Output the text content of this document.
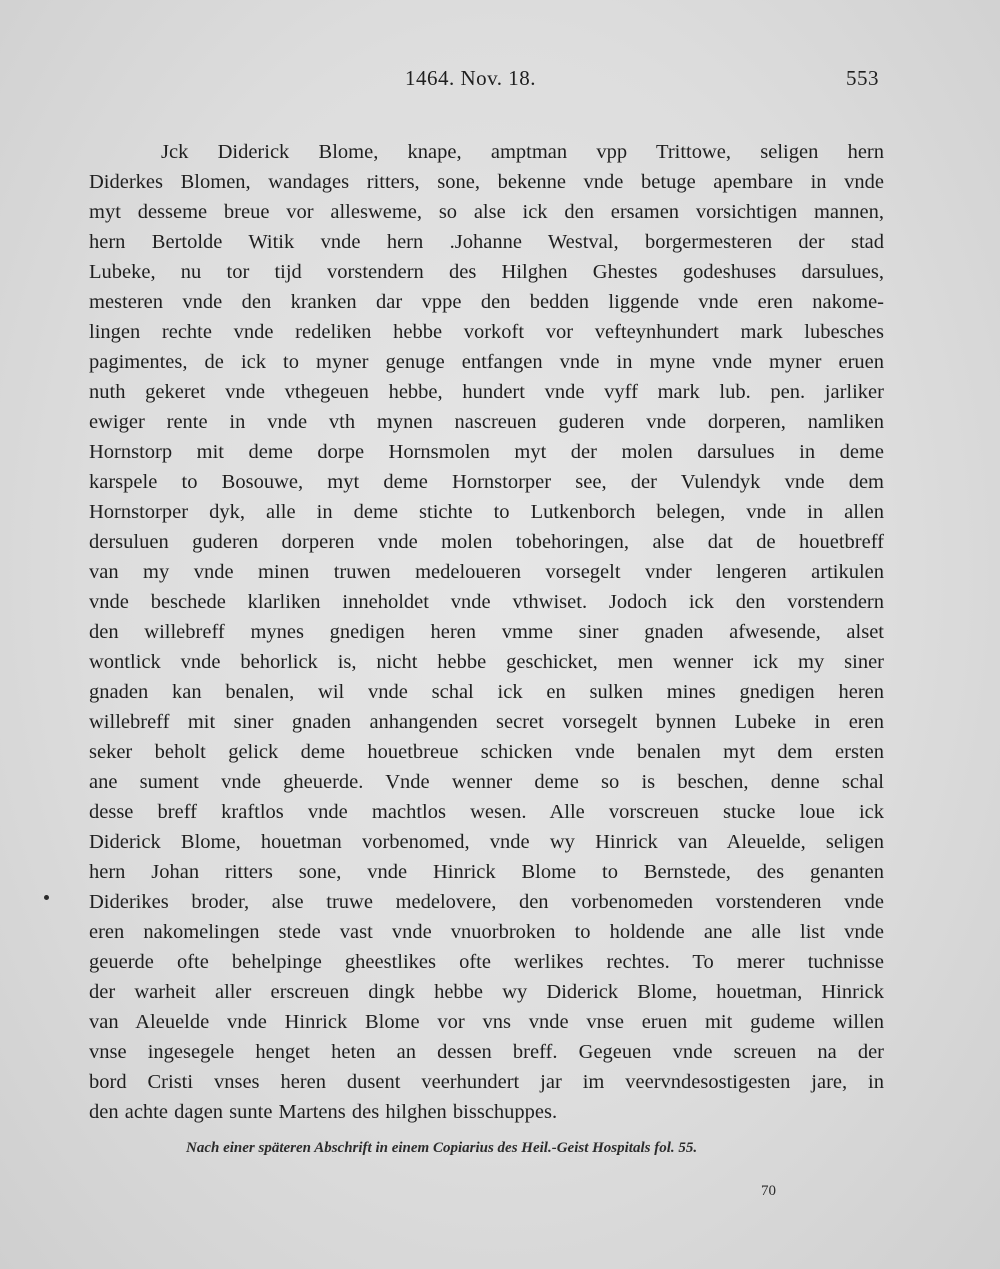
1464. Nov. 18.	553
Jck Diderick Blome, knape, amptman vpp Trittowe, seligen hern
Diderkes Blomen, wandages ritters, sone, bekenne vnde betuge apembare in vnde
myt desseme breue vor allesweme, so alse ick den ersamen vorsichtigen mannen,
hern Bertolde Witik vnde hern .Johanne Westval, borgermesteren der stad
Lubeke, nu tor tijd vorstendern des Hilghen Ghestes godeshuses darsulues,
mesteren vnde den kranken dar vppe den bedden liggende vnde eren nakome-
lingen rechte vnde redeliken hebbe vorkoft vor vefteynhundert mark lubesches
pagimentes, de ick to myner genuge entfangen vnde in myne vnde myner eruen
nuth gekeret vnde vthegeuen hebbe, hundert vnde vyff mark lub. pen. jarliker
ewiger rente in vnde vth mynen nascreuen guderen vnde dorperen, namliken
Hornstorp mit deme dorpe Hornsmolen myt der molen darsulues in deme
karspele to Bosouwe, myt deme Hornstorper see, der Vulendyk vnde dem
Hornstorper dyk, alle in deme stichte to Lutkenborch belegen, vnde in allen
dersuluen guderen dorperen vnde molen tobehoringen, alse dat de houetbreff
van my vnde minen truwen medeloueren vorsegelt vnder lengeren artikulen
vnde beschede klarliken inneholdet vnde vthwiset. Jodoch ick den vorstendern
den willebreff mynes gnedigen heren vmme siner gnaden afwesende, alset
wontlick vnde behorlick is, nicht hebbe geschicket, men wenner ick my siner
gnaden kan benalen, wil vnde schal ick en sulken mines gnedigen heren
willebreff mit siner gnaden anhangenden secret vorsegelt bynnen Lubeke in eren
seker beholt gelick deme houetbreue schicken vnde benalen myt dem ersten
ane sument vnde gheuerde. Vnde wenner deme so is beschen, denne schal
desse breff kraftlos vnde machtlos wesen. Alle vorscreuen stucke loue ick
Diderick Blome, houetman vorbenomed, vnde wy Hinrick van Aleuelde, seligen
hern Johan ritters sone, vnde Hinrick Blome to Bernstede, des genanten
Diderikes broder, alse truwe medelovere, den vorbenomeden vorstenderen vnde
eren nakomelingen stede vast vnde vnuorbroken to holdende ane alle list vnde
geuerde ofte behelpinge gheestlikes ofte werlikes rechtes. To merer tuchnisse
der warheit aller erscreuen dingk hebbe wy Diderick Blome, houetman, Hinrick
van Aleuelde vnde Hinrick Blome vor vns vnde vnse eruen mit gudeme willen
vnse ingesegele henget heten an dessen breff. Gegeuen vnde screuen na der
bord Cristi vnses heren dusent veerhundert jar im veervndesostigesten jare, in
den achte dagen sunte Martens des hilghen bisschuppes.
Nach einer späteren Abschrift in einem Copiarius des Heil.-Geist Hospitals fol. 55.
70
